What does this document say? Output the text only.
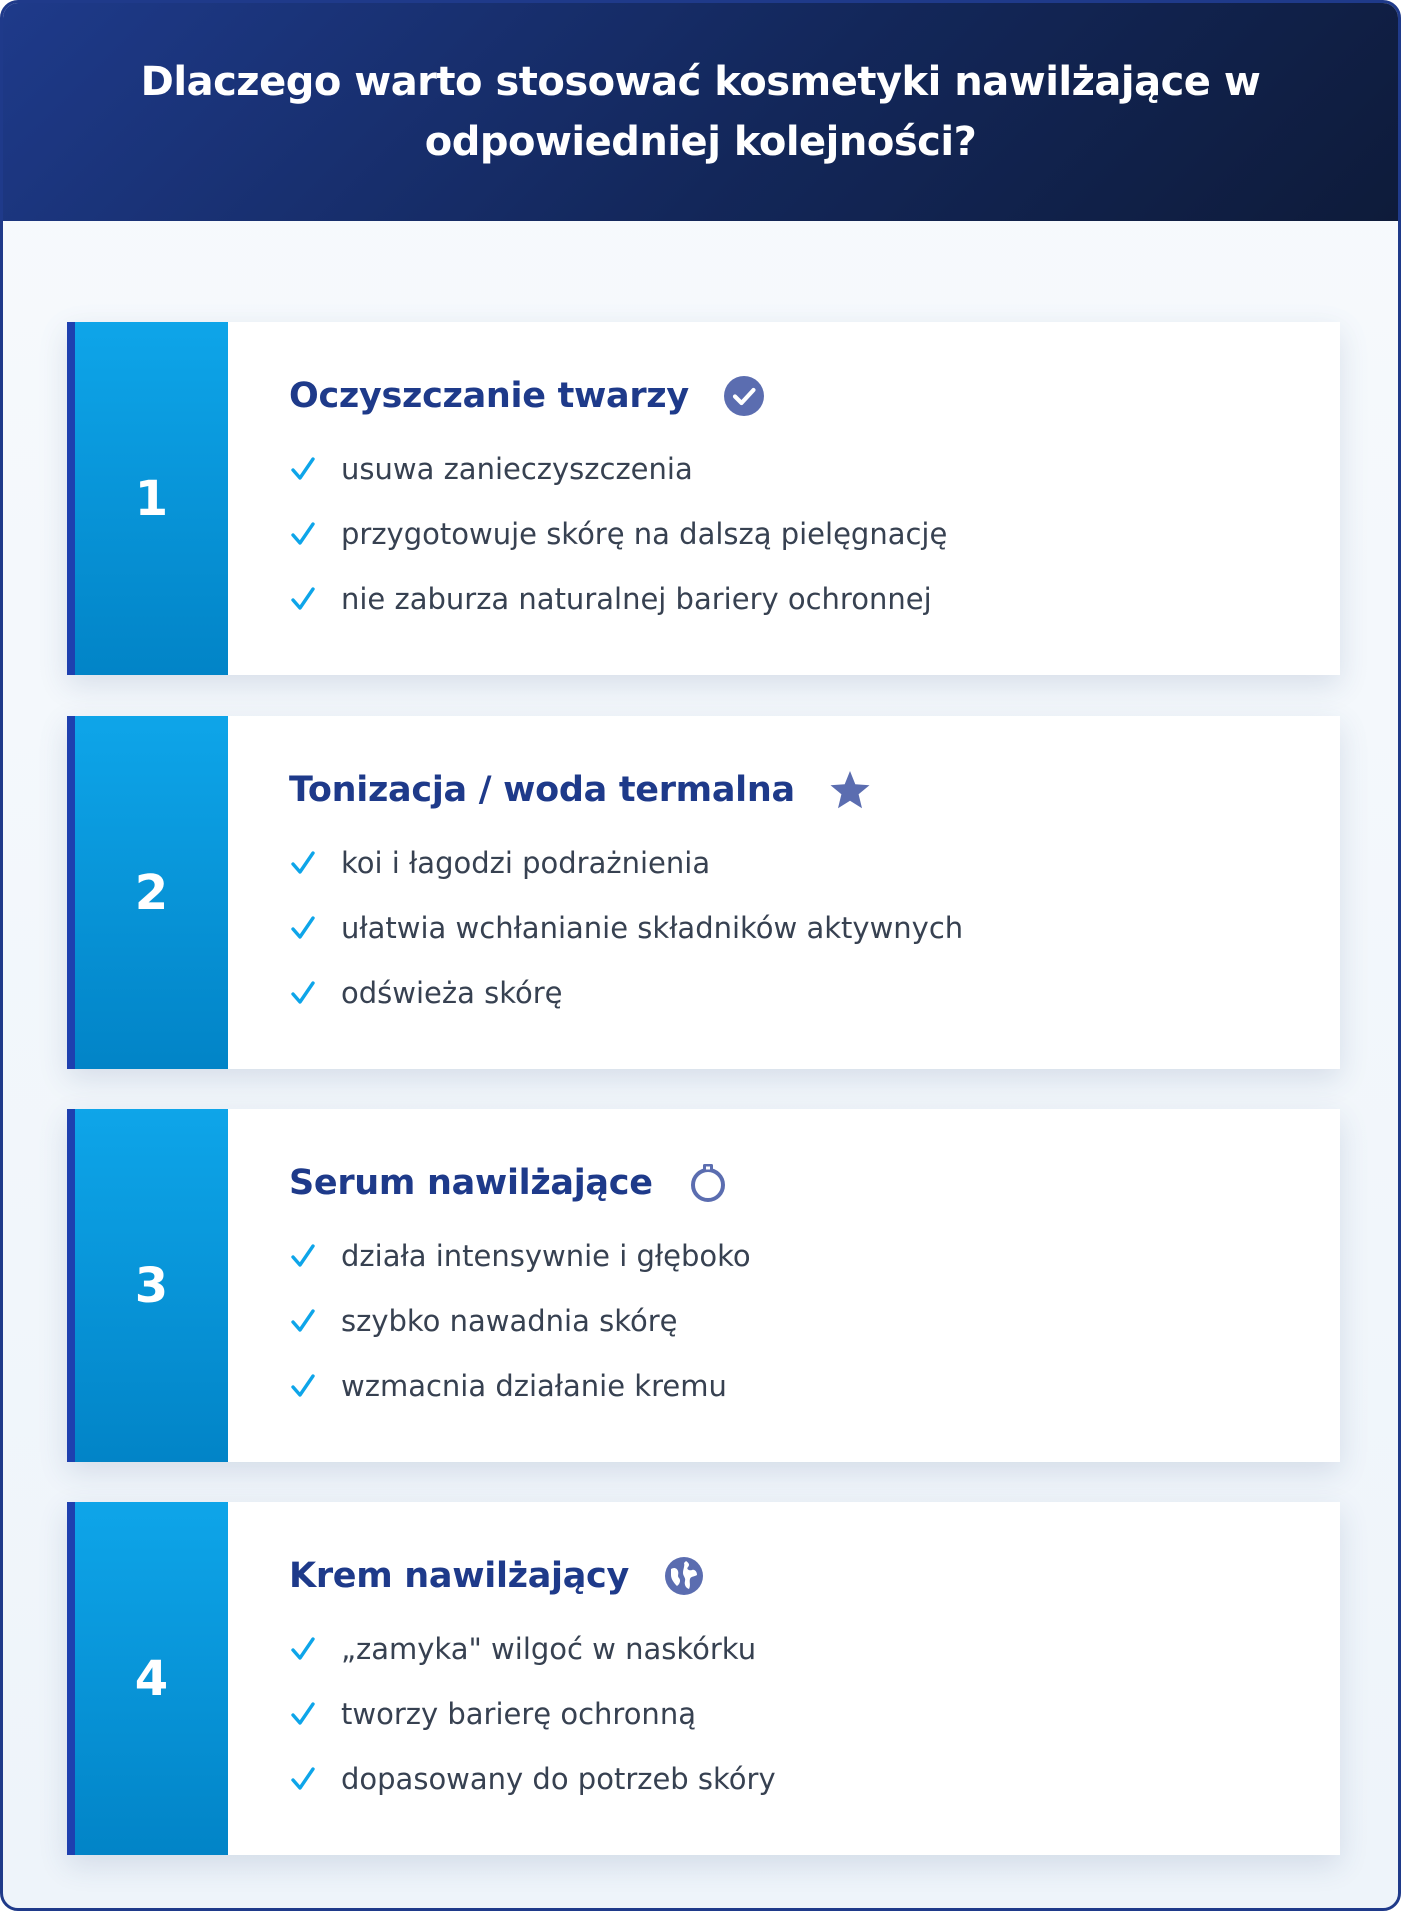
Dlaczego warto stosować kosmetyki nawilżające w odpowiedniej kolejności?
1
Oczyszczanie twarzy
usuwa zanieczyszczenia
przygotowuje skórę na dalszą pielęgnację
nie zaburza naturalnej bariery ochronnej
2
Tonizacja / woda termalna
koi i łagodzi podrażnienia
ułatwia wchłanianie składników aktywnych
odświeża skórę
3
Serum nawilżające
działa intensywnie i głęboko
szybko nawadnia skórę
wzmacnia działanie kremu
4
Krem nawilżający
„zamyka" wilgoć w naskórku
tworzy barierę ochronną
dopasowany do potrzeb skóry
